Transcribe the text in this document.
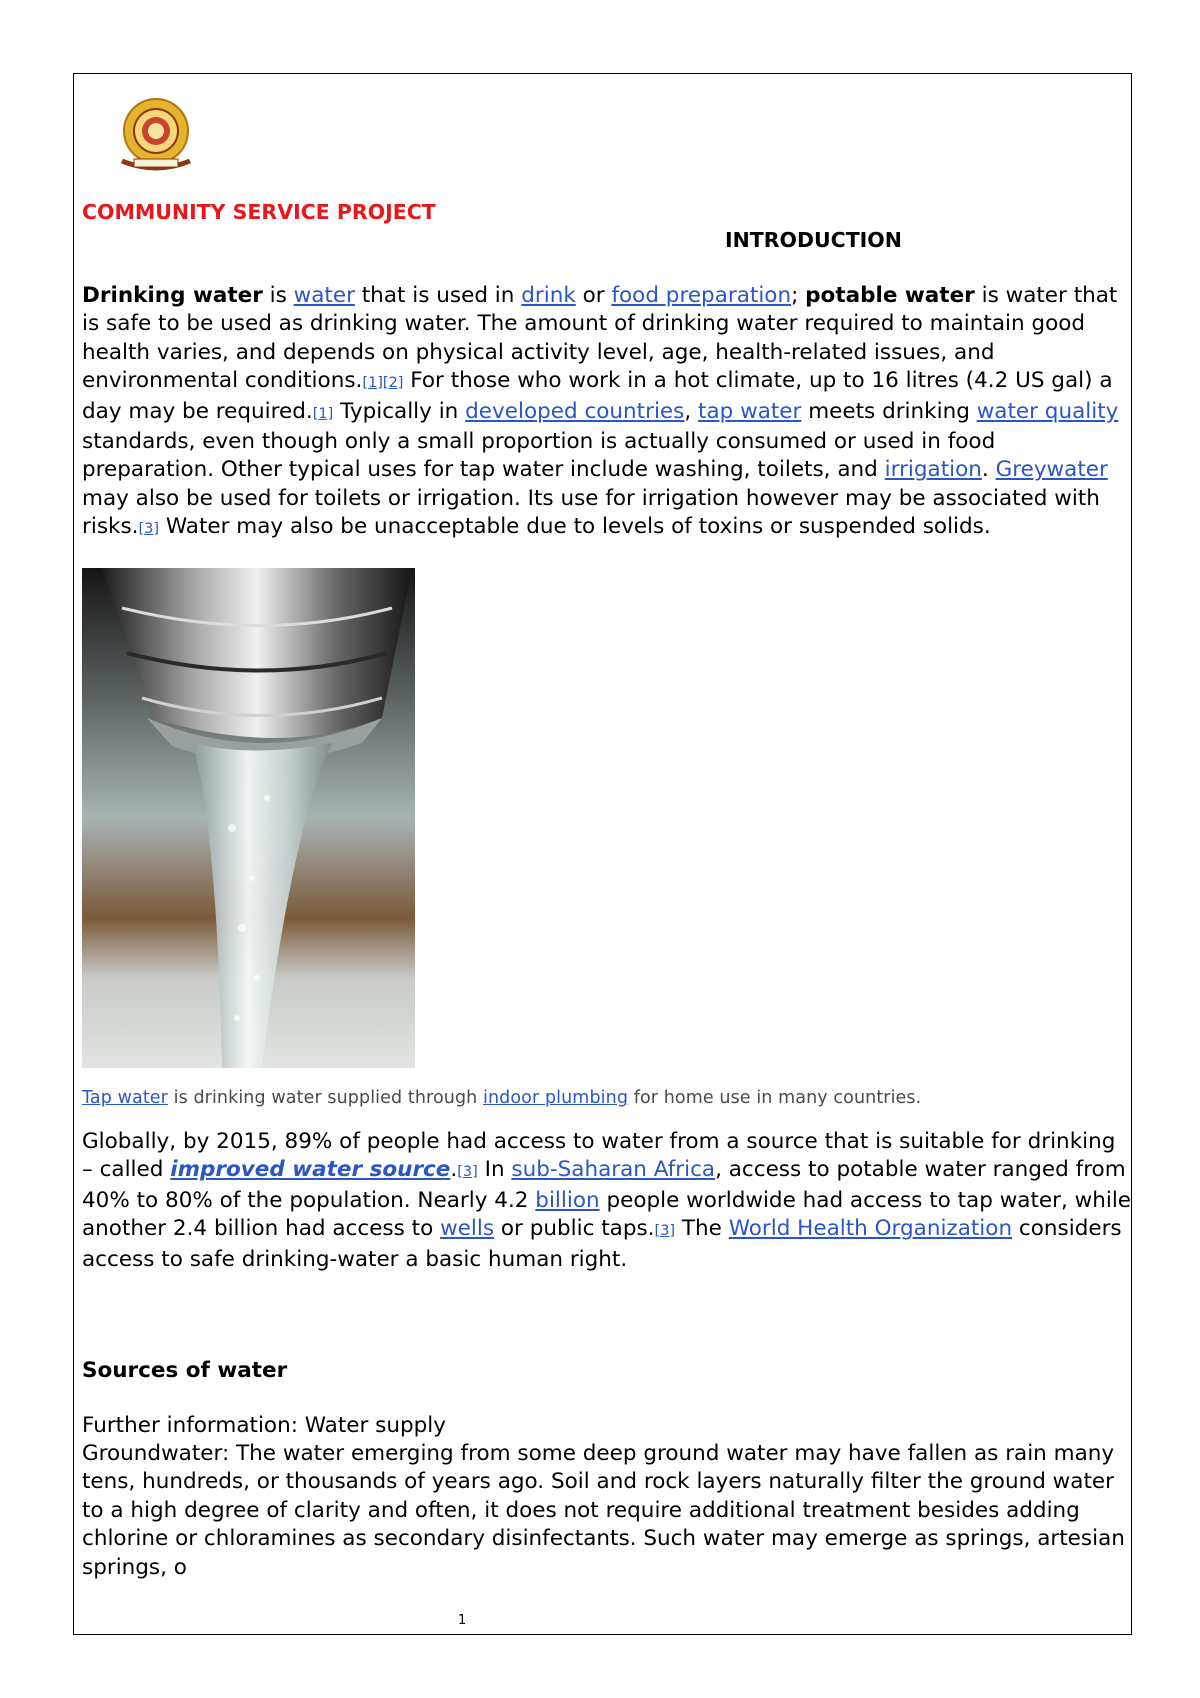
COMMUNITY SERVICE PROJECT

INTRODUCTION

Drinking water is water that is used in drink or food preparation; potable water is water that is safe to be used as drinking water. The amount of drinking water required to maintain good health varies, and depends on physical activity level, age, health-related issues, and environmental conditions.[1][2] For those who work in a hot climate, up to 16 litres (4.2 US gal) a day may be required.[1] Typically in developed countries, tap water meets drinking water quality standards, even though only a small proportion is actually consumed or used in food preparation. Other typical uses for tap water include washing, toilets, and irrigation. Greywater may also be used for toilets or irrigation. Its use for irrigation however may be associated with risks.[3] Water may also be unacceptable due to levels of toxins or suspended solids.

Tap water is drinking water supplied through indoor plumbing for home use in many countries.

Globally, by 2015, 89% of people had access to water from a source that is suitable for drinking – called improved water source.[3] In sub-Saharan Africa, access to potable water ranged from 40% to 80% of the population. Nearly 4.2 billion people worldwide had access to tap water, while another 2.4 billion had access to wells or public taps.[3] The World Health Organization considers access to safe drinking-water a basic human right.

Sources of water

Further information: Water supply

Groundwater: The water emerging from some deep ground water may have fallen as rain many tens, hundreds, or thousands of years ago. Soil and rock layers naturally filter the ground water to a high degree of clarity and often, it does not require additional treatment besides adding chlorine or chloramines as secondary disinfectants. Such water may emerge as springs, artesian springs, o

1
